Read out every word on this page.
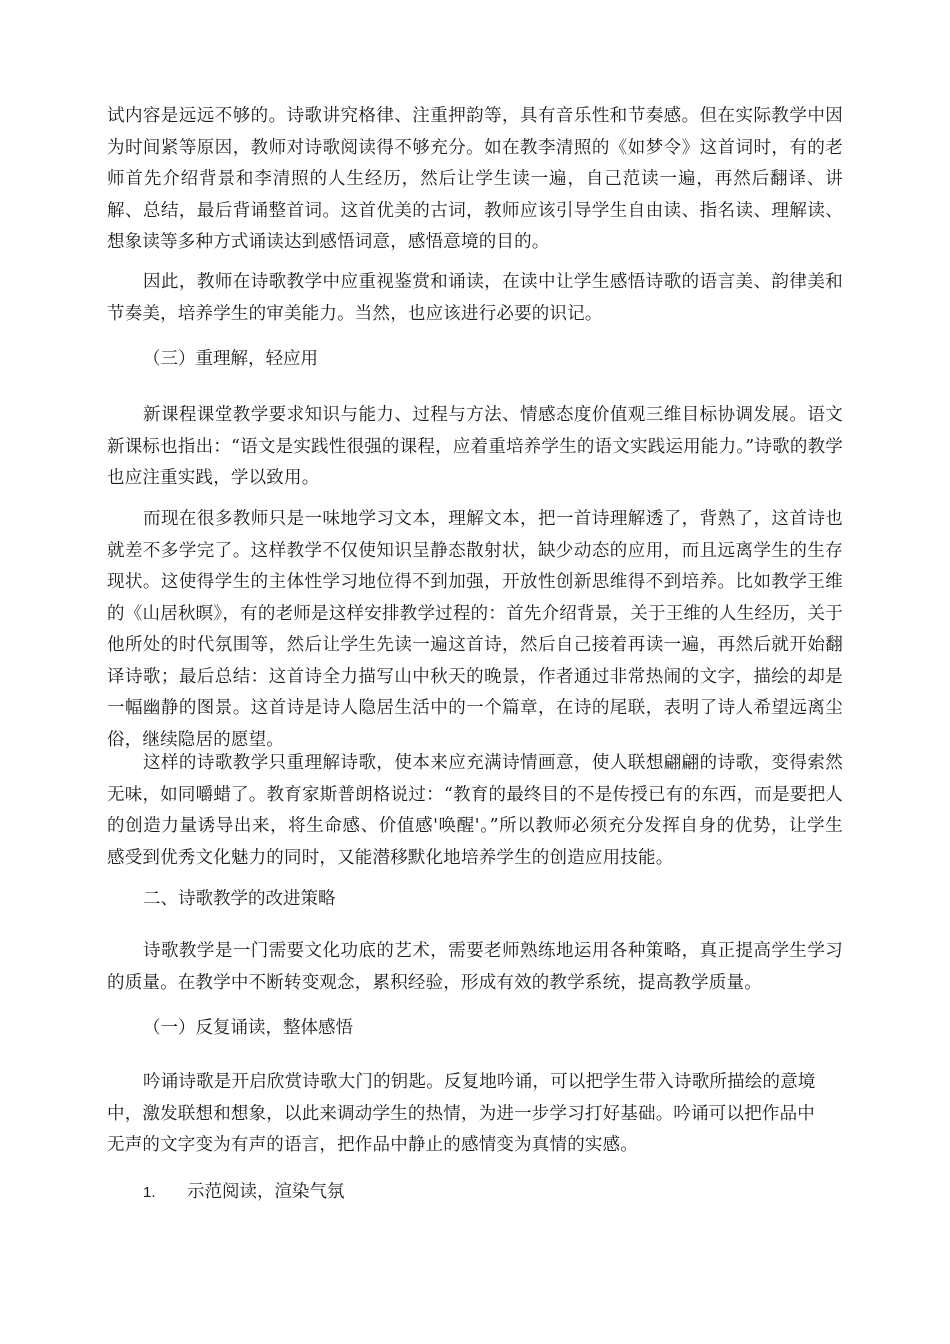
试内容是远远不够的。诗歌讲究格律、注重押韵等，具有音乐性和节奏感。但在实际教学中因为时间紧等原因，教师对诗歌阅读得不够充分。如在教李清照的《如梦令》这首词时，有的老师首先介绍背景和李清照的人生经历，然后让学生读一遍，自己范读一遍，再然后翻译、讲解、总结，最后背诵整首词。这首优美的古词，教师应该引导学生自由读、指名读、理解读、想象读等多种方式诵读达到感悟词意，感悟意境的目的。

因此，教师在诗歌教学中应重视鉴赏和诵读，在读中让学生感悟诗歌的语言美、韵律美和节奏美，培养学生的审美能力。当然，也应该进行必要的识记。

（三）重理解，轻应用

新课程课堂教学要求知识与能力、过程与方法、情感态度价值观三维目标协调发展。语文新课标也指出：“语文是实践性很强的课程，应着重培养学生的语文实践运用能力。”诗歌的教学也应注重实践，学以致用。

而现在很多教师只是一味地学习文本，理解文本，把一首诗理解透了，背熟了，这首诗也就差不多学完了。这样教学不仅使知识呈静态散射状，缺少动态的应用，而且远离学生的生存现状。这使得学生的主体性学习地位得不到加强，开放性创新思维得不到培养。比如教学王维的《山居秋暝》，有的老师是这样安排教学过程的：首先介绍背景，关于王维的人生经历，关于他所处的时代氛围等，然后让学生先读一遍这首诗，然后自己接着再读一遍，再然后就开始翻译诗歌；最后总结：这首诗全力描写山中秋天的晚景，作者通过非常热闹的文字，描绘的却是一幅幽静的图景。这首诗是诗人隐居生活中的一个篇章，在诗的尾联，表明了诗人希望远离尘俗，继续隐居的愿望。

这样的诗歌教学只重理解诗歌，使本来应充满诗情画意，使人联想翩翩的诗歌，变得索然无味，如同嚼蜡了。教育家斯普朗格说过：“教育的最终目的不是传授已有的东西，而是要把人的创造力量诱导出来，将生命感、价值感'唤醒'。”所以教师必须充分发挥自身的优势，让学生感受到优秀文化魅力的同时，又能潜移默化地培养学生的创造应用技能。

二、诗歌教学的改进策略

诗歌教学是一门需要文化功底的艺术，需要老师熟练地运用各种策略，真正提高学生学习的质量。在教学中不断转变观念，累积经验，形成有效的教学系统，提高教学质量。

（一）反复诵读，整体感悟

吟诵诗歌是开启欣赏诗歌大门的钥匙。反复地吟诵，可以把学生带入诗歌所描绘的意境
中，激发联想和想象，以此来调动学生的热情，为进一步学习打好基础。吟诵可以把作品中
无声的文字变为有声的语言，把作品中静止的感情变为真情的实感。

1. 示范阅读，渲染气氛
